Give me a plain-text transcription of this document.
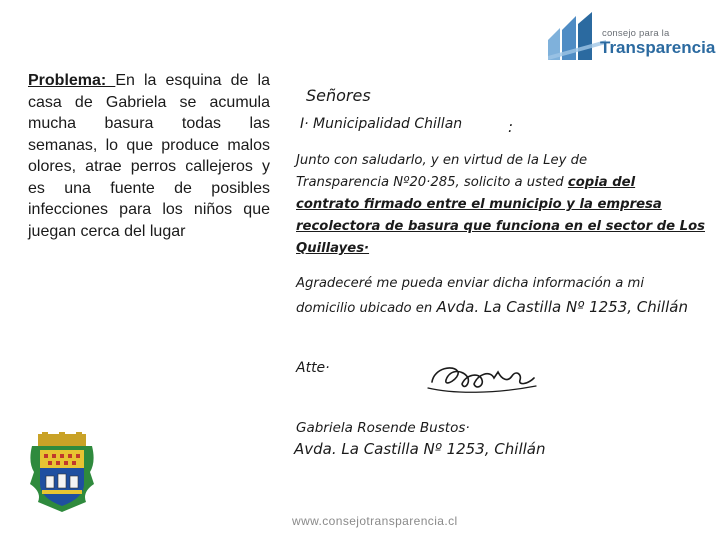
consejo para la
Transparencia
Problema: En la esquina de la casa de Gabriela se acumula mucha basura todas las semanas, lo que produce malos olores, atrae perros callejeros y es una fuente de posibles infecciones para los niños que juegan cerca del lugar
Señores
I· Municipalidad Chillan	:
Junto con saludarlo, y en virtud de la Ley de
Transparencia Nº20·285, solicito a usted copia del
contrato firmado entre el municipio y la empresa
recolectora de basura que funciona en el sector de Los
Quillayes·
Agradeceré me pueda enviar dicha información a mi
domicilio ubicado en Avda. La Castilla Nº 1253, Chillán
Atte·
Gabriela Rosende Bustos·
Avda. La Castilla Nº 1253, Chillán
www.consejotransparencia.cl
